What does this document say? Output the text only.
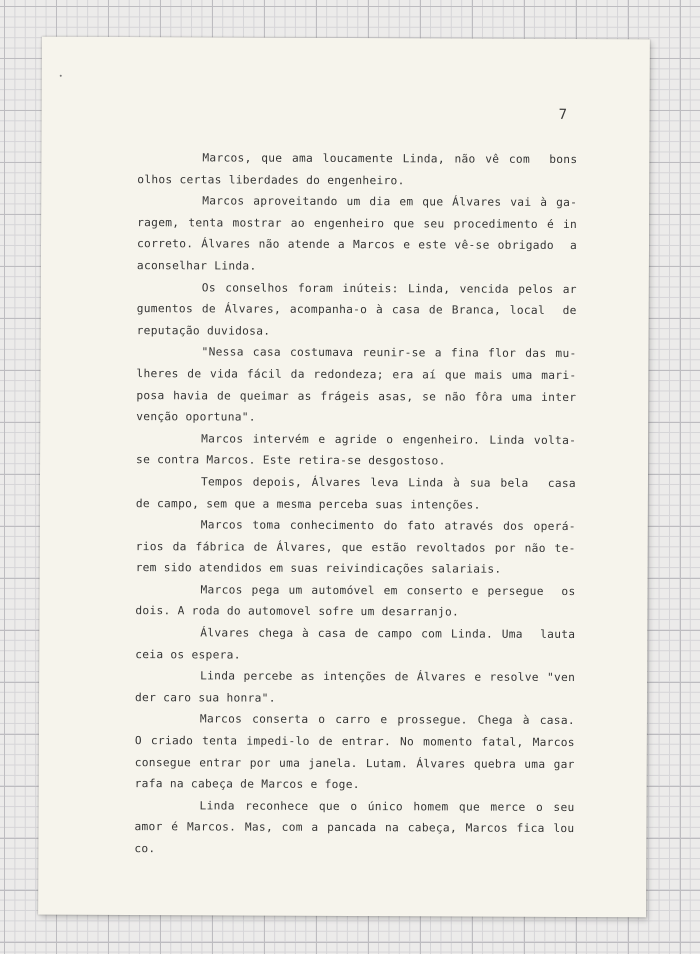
7
Marcos, que ama loucamente Linda, não vê com  bons
olhos certas liberdades do engenheiro.
Marcos aproveitando um dia em que Álvares vai à ga-
ragem, tenta mostrar ao engenheiro que seu procedimento é in
correto. Álvares não atende a Marcos e este vê-se obrigado  a
aconselhar Linda.
Os conselhos foram inúteis: Linda, vencida pelos ar
gumentos de Álvares, acompanha-o à casa de Branca, local  de
reputação duvidosa.
"Nessa casa costumava reunir-se a fina flor das mu-
lheres de vida fácil da redondeza; era aí que mais uma mari-
posa havia de queimar as frágeis asas, se não fôra uma inter
venção oportuna".
Marcos intervém e agride o engenheiro. Linda volta-
se contra Marcos. Este retira-se desgostoso.
Tempos depois, Álvares leva Linda à sua bela  casa
de campo, sem que a mesma perceba suas intenções.
Marcos toma conhecimento do fato através dos operá-
rios da fábrica de Álvares, que estão revoltados por não te-
rem sido atendidos em suas reivindicações salariais.
Marcos pega um automóvel em conserto e persegue  os
dois. A roda do automovel sofre um desarranjo.
Álvares chega à casa de campo com Linda. Uma  lauta
ceia os espera.
Linda percebe as intenções de Álvares e resolve "ven
der caro sua honra".
Marcos conserta o carro e prossegue. Chega à casa.
O criado tenta impedi-lo de entrar. No momento fatal, Marcos
consegue entrar por uma janela. Lutam. Álvares quebra uma gar
rafa na cabeça de Marcos e foge.
Linda reconhece que o único homem que merce o seu
amor é Marcos. Mas, com a pancada na cabeça, Marcos fica lou
co.
